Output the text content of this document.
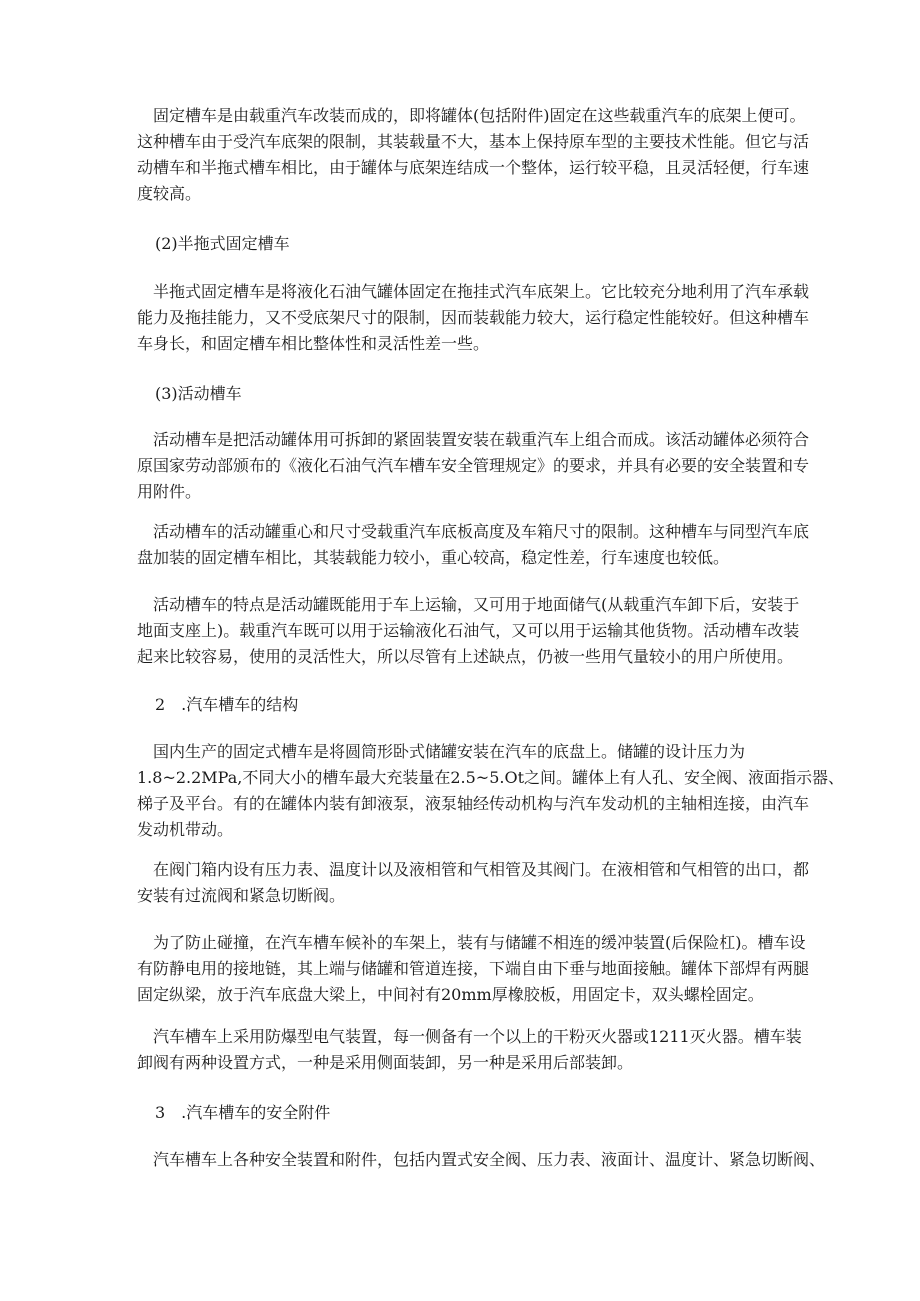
　固定槽车是由载重汽车改装而成的，即将罐体(包括附件)固定在这些载重汽车的底架上便可。
这种槽车由于受汽车底架的限制，其装载量不大，基本上保持原车型的主要技术性能。但它与活
动槽车和半拖式槽车相比，由于罐体与底架连结成一个整体，运行较平稳，且灵活轻便，行车速
度较高。
(2)半拖式固定槽车
　半拖式固定槽车是将液化石油气罐体固定在拖挂式汽车底架上。它比较充分地利用了汽车承载
能力及拖挂能力，又不受底架尺寸的限制，因而装载能力较大，运行稳定性能较好。但这种槽车
车身长，和固定槽车相比整体性和灵活性差一些。
(3)活动槽车
　活动槽车是把活动罐体用可拆卸的紧固装置安装在载重汽车上组合而成。该活动罐体必须符合
原国家劳动部颁布的《液化石油气汽车槽车安全管理规定》的要求，并具有必要的安全装置和专
用附件。
　活动槽车的活动罐重心和尺寸受载重汽车底板高度及车箱尺寸的限制。这种槽车与同型汽车底
盘加装的固定槽车相比，其装载能力较小，重心较高，稳定性差，行车速度也较低。
　活动槽车的特点是活动罐既能用于车上运输，又可用于地面储气(从载重汽车卸下后，安装于
地面支座上)。载重汽车既可以用于运输液化石油气，又可以用于运输其他货物。活动槽车改装
起来比较容易，使用的灵活性大，所以尽管有上述缺点，仍被一些用气量较小的用户所使用。
2　.汽车槽车的结构
　国内生产的固定式槽车是将圆筒形卧式储罐安装在汽车的底盘上。储罐的设计压力为
1.8~2.2MPa,不同大小的槽车最大充装量在2.5~5.Ot之间。罐体上有人孔、安全阀、液面指示器、
梯子及平台。有的在罐体内装有卸液泵，液泵轴经传动机构与汽车发动机的主轴相连接，由汽车
发动机带动。
　在阀门箱内设有压力表、温度计以及液相管和气相管及其阀门。在液相管和气相管的出口，都
安装有过流阀和紧急切断阀。
　为了防止碰撞，在汽车槽车候补的车架上，装有与储罐不相连的缓冲装置(后保险杠)。槽车设
有防静电用的接地链，其上端与储罐和管道连接，下端自由下垂与地面接触。罐体下部焊有两腿
固定纵梁，放于汽车底盘大梁上，中间衬有20mm厚橡胶板，用固定卡，双头螺栓固定。
　汽车槽车上采用防爆型电气装置，每一侧备有一个以上的干粉灭火器或1211灭火器。槽车装
卸阀有两种设置方式，一种是采用侧面装卸，另一种是采用后部装卸。
3　.汽车槽车的安全附件
　汽车槽车上各种安全装置和附件，包括内置式安全阀、压力表、液面计、温度计、紧急切断阀、
